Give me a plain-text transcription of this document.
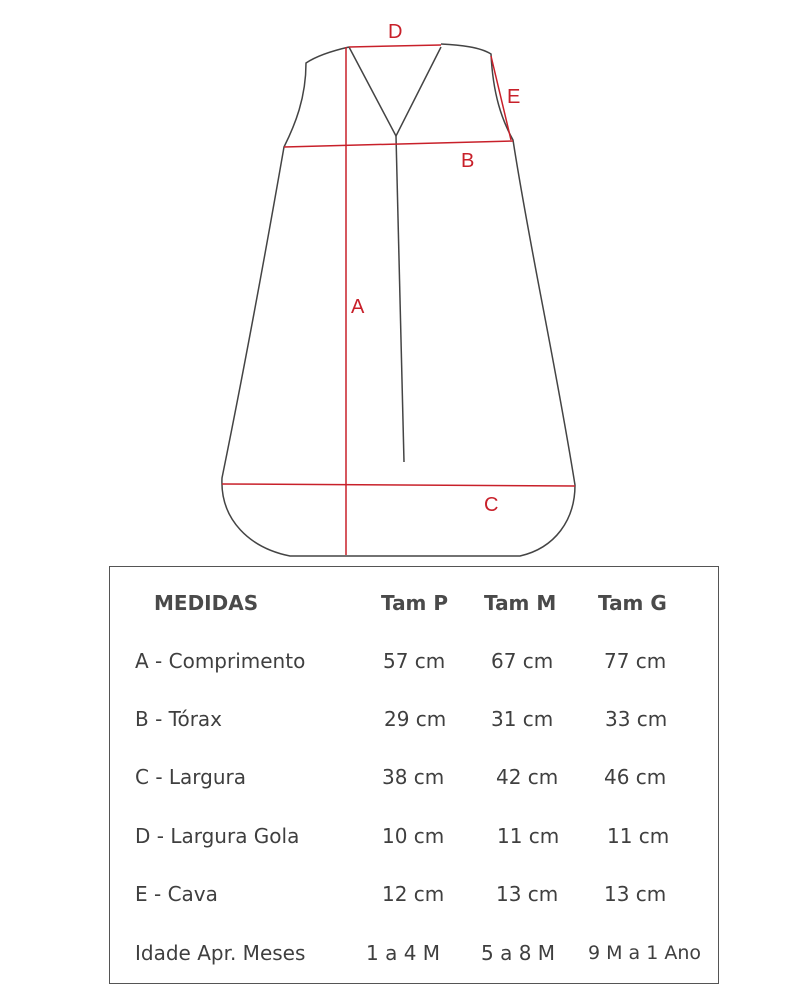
D
E
B
A
C
MEDIDAS	Tam P Tam M Tam G
A - Comprimento	57 cm 67 cm	77 cm
B - Tórax	29 cm 31 cm	33 cm
C - Largura	38 cm	42 cm 46 cm
D - Largura Gola	10 cm	11 cm 11 cm
E - Cava	12 cm	13 cm 13 cm
Idade Apr. Meses	1 a 4 M 5 a 8 M 9 M a 1 Ano
